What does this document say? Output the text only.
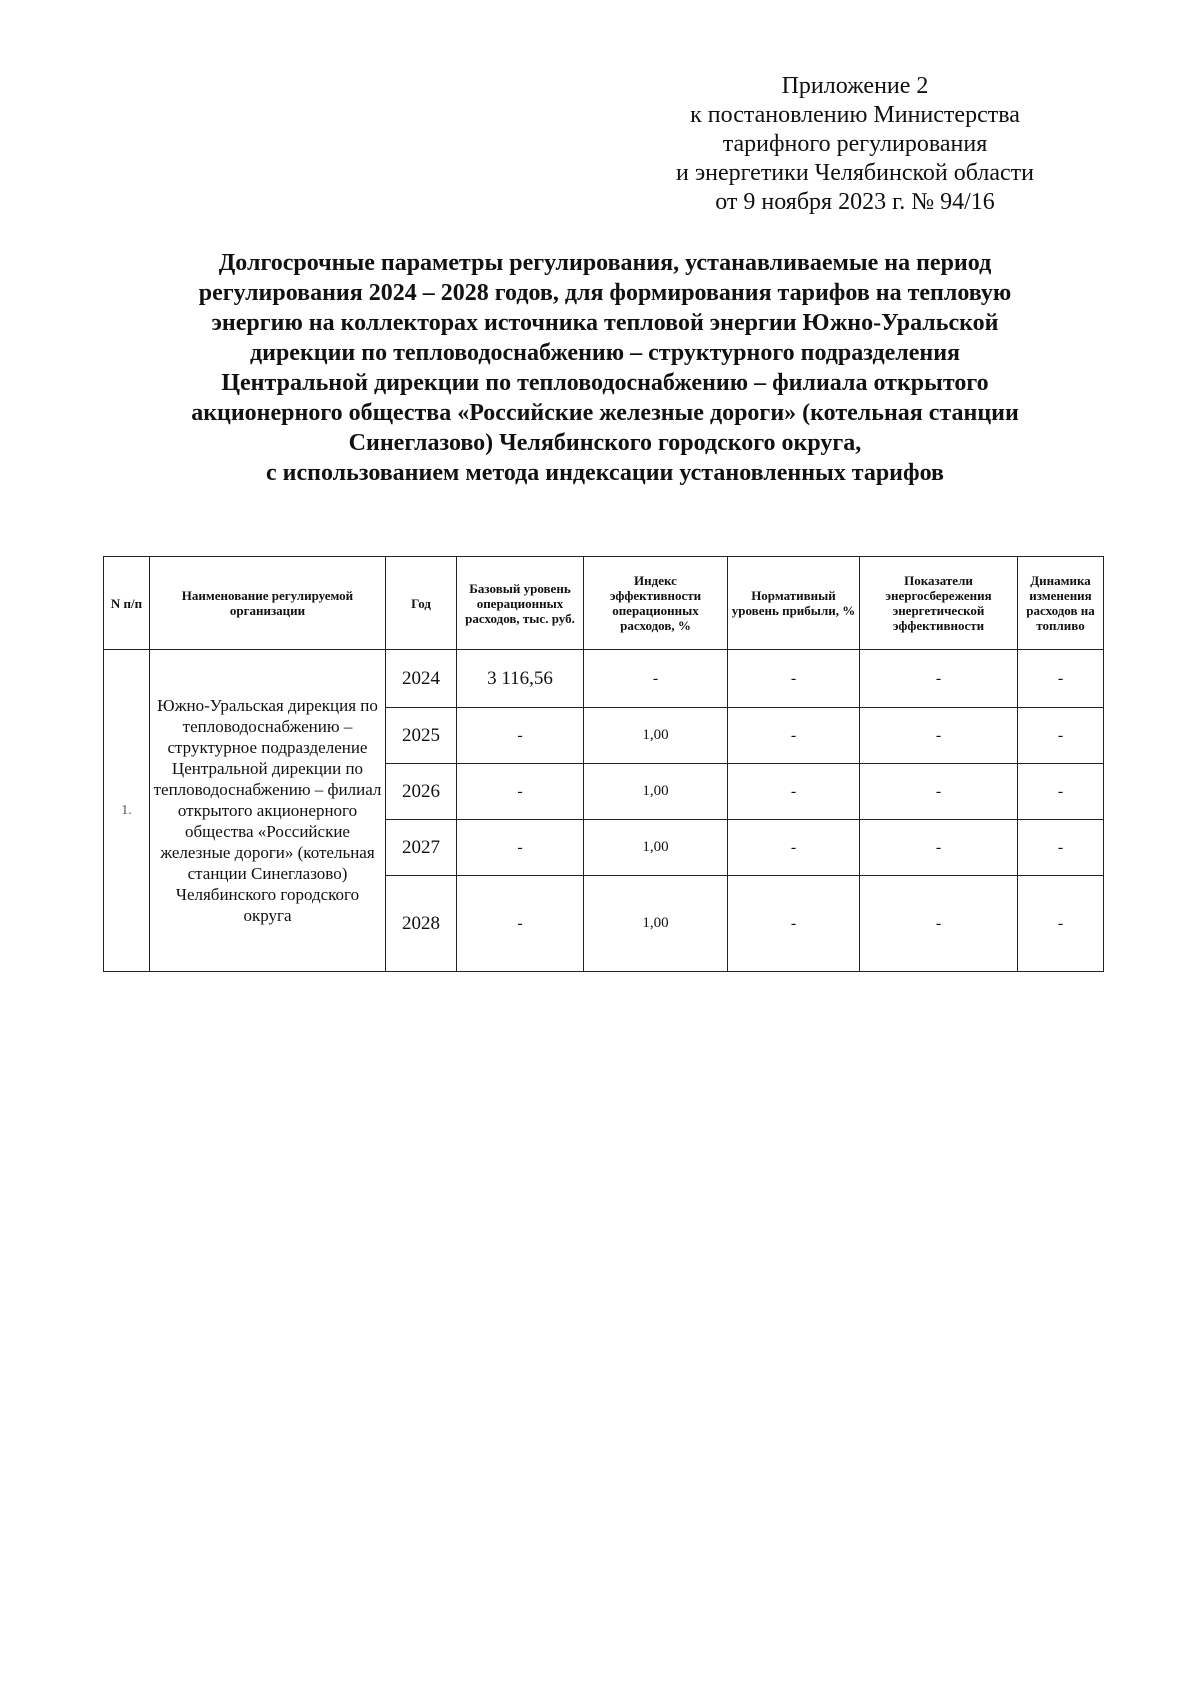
Приложение 2
к постановлению Министерства
тарифного регулирования
и энергетики Челябинской области
от 9 ноября 2023 г. № 94/16
Долгосрочные параметры регулирования, устанавливаемые на период
регулирования 2024 – 2028 годов, для формирования тарифов на тепловую
энергию на коллекторах источника тепловой энергии Южно-Уральской
дирекции по тепловодоснабжению – структурного подразделения
Центральной дирекции по тепловодоснабжению – филиала открытого
акционерного общества «Российские железные дороги» (котельная станции
Синеглазово) Челябинского городского округа,
с использованием метода индексации установленных тарифов
N п/п	Наименование регулируемой организации	Год	Базовый уровень операционных расходов, тыс. руб.	Индекс эффективности операционных расходов, %	Нормативный уровень прибыли, %	Показатели энергосбережения энергетической эффективности	Динамика изменения расходов на топливо
1.	Южно-Уральская дирекция по тепловодоснабжению – структурное подразделение Центральной дирекции по тепловодоснабжению – филиал открытого акционерного общества «Российские железные дороги» (котельная станции Синеглазово) Челябинского городского округа	2024	3 116,56	-	-	-	-
		2025	-	1,00	-	-	-
		2026	-	1,00	-	-	-
		2027	-	1,00	-	-	-
		2028	-	1,00	-	-	-
